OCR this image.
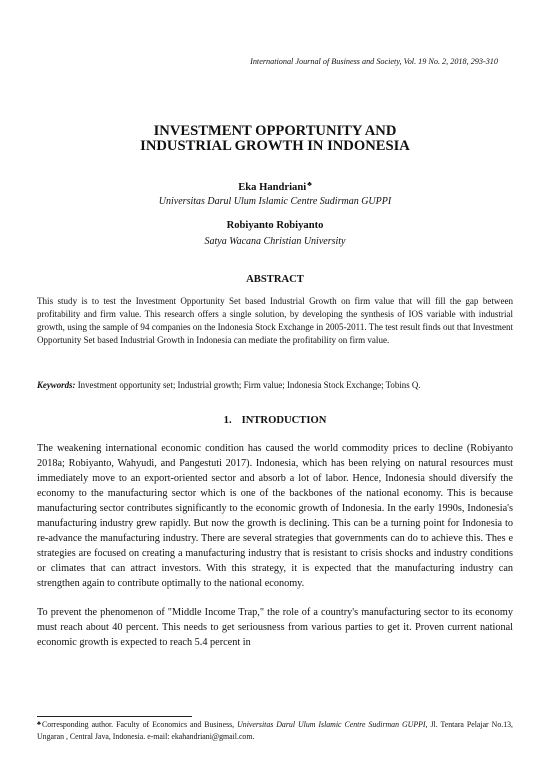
International Journal of Business and Society, Vol. 19 No. 2, 2018, 293-310
INVESTMENT OPPORTUNITY AND
INDUSTRIAL GROWTH IN INDONESIA
Eka Handriani♣
Universitas Darul Ulum Islamic Centre Sudirman GUPPI
Robiyanto Robiyanto
Satya Wacana Christian University
ABSTRACT
This study is to test the Investment Opportunity Set based Industrial Growth on firm value that will fill the gap between profitability and firm value. This research offers a single solution, by developing the synthesis of IOS variable with industrial growth, using the sample of 94 companies on the Indonesia Stock Exchange in 2005-2011. The test result finds out that Investment Opportunity Set based Industrial Growth in Indonesia can mediate the profitability on firm value.
Keywords: Investment opportunity set; Industrial growth; Firm value; Indonesia Stock Exchange; Tobins Q.
1. INTRODUCTION
The weakening international economic condition has caused the world commodity prices to decline (Robiyanto 2018a; Robiyanto, Wahyudi, and Pangestuti 2017). Indonesia, which has been relying on natural resources must immediately move to an export-oriented sector and absorb a lot of labor. Hence, Indonesia should diversify the economy to the manufacturing sector which is one of the backbones of the national economy. This is because manufacturing sector contributes significantly to the economic growth of Indonesia. In the early 1990s, Indonesia's manufacturing industry grew rapidly. But now the growth is declining. This can be a turning point for Indonesia to re-advance the manufacturing industry. There are several strategies that governments can do to achieve this. Thes e strategies are focused on creating a manufacturing industry that is resistant to crisis shocks and industry conditions or climates that can attract investors. With this strategy, it is expected that the manufacturing industry can strengthen again to contribute optimally to the national economy.
To prevent the phenomenon of "Middle Income Trap," the role of a country's manufacturing sector to its economy must reach about 40 percent. This needs to get seriousness from various parties to get it. Proven current national economic growth is expected to reach 5.4 percent in
♣Corresponding author. Faculty of Economics and Business, Universitas Darul Ulum Islamic Centre Sudirman GUPPI, Jl. Tentara Pelajar No.13, Ungaran , Central Java, Indonesia. e-mail: ekahandriani@gmail.com.
